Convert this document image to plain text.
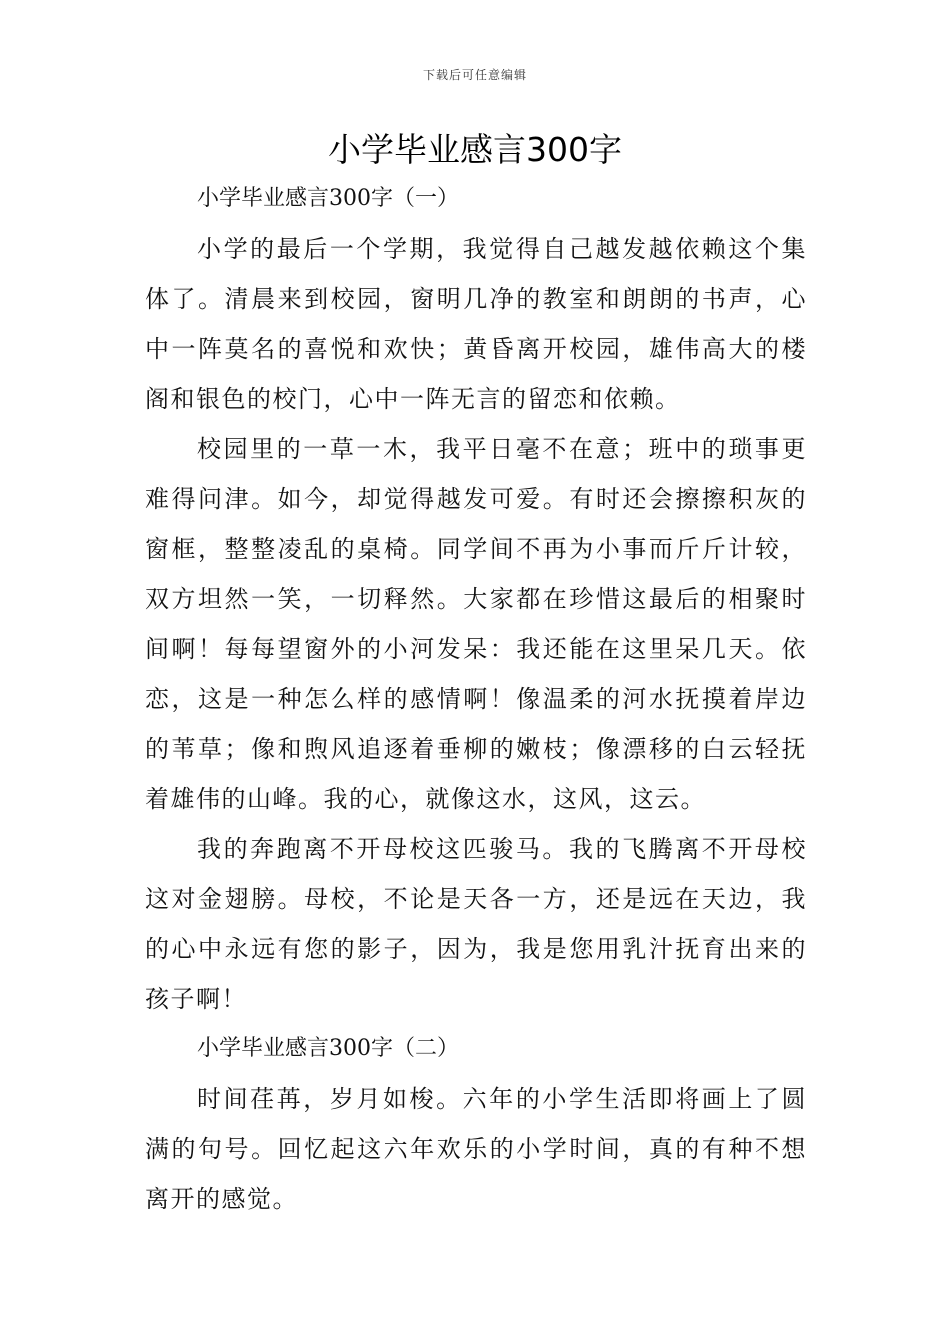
下载后可任意编辑
小学毕业感言300字

小学毕业感言300字（一）

小学的最后一个学期，我觉得自己越发越依赖这个集体了。清晨来到校园，窗明几净的教室和朗朗的书声，心中一阵莫名的喜悦和欢快；黄昏离开校园，雄伟高大的楼阁和银色的校门，心中一阵无言的留恋和依赖。

校园里的一草一木，我平日毫不在意；班中的琐事更难得问津。如今，却觉得越发可爱。有时还会擦擦积灰的窗框，整整凌乱的桌椅。同学间不再为小事而斤斤计较，双方坦然一笑，一切释然。大家都在珍惜这最后的相聚时间啊！每每望窗外的小河发呆：我还能在这里呆几天。依恋，这是一种怎么样的感情啊！像温柔的河水抚摸着岸边的苇草；像和煦风追逐着垂柳的嫩枝；像漂移的白云轻抚着雄伟的山峰。我的心，就像这水，这风，这云。

我的奔跑离不开母校这匹骏马。我的飞腾离不开母校这对金翅膀。母校，不论是天各一方，还是远在天边，我的心中永远有您的影子，因为，我是您用乳汁抚育出来的孩子啊！

小学毕业感言300字（二）

时间荏苒，岁月如梭。六年的小学生活即将画上了圆满的句号。回忆起这六年欢乐的小学时间，真的有种不想离开的感觉。
